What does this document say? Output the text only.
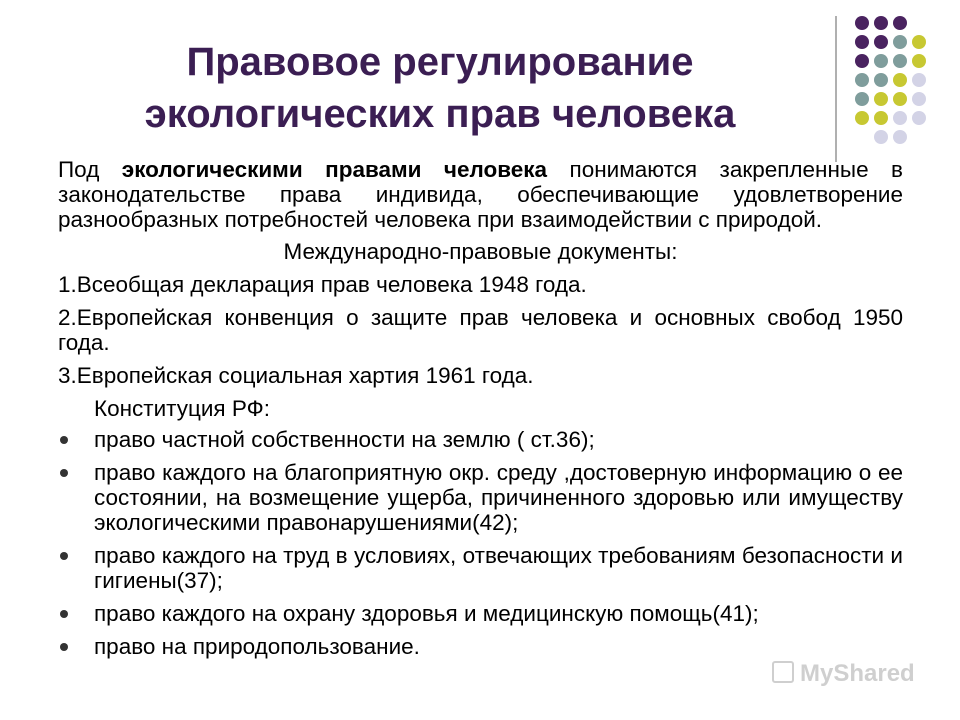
Правовое регулирование
экологических прав человека

Под экологическими правами человека понимаются закрепленные в законодательстве права индивида, обеспечивающие удовлетворение разнообразных потребностей человека при взаимодействии с природой.

Международно-правовые документы:

1.Всеобщая декларация прав человека 1948 года.

2.Европейская конвенция о защите прав человека и основных свобод 1950 года.

3.Европейская социальная хартия 1961 года.

Конституция РФ:

право частной собственности на землю ( ст.36);
право каждого на благоприятную окр. среду ,достоверную информацию о ее состоянии, на возмещение ущерба, причиненного здоровью или имуществу экологическими правонарушениями(42);
право каждого на труд в условиях, отвечающих требованиям безопасности и гигиены(37);
право каждого на охрану здоровья и медицинскую помощь(41);
право на природопользование.
MyShared
